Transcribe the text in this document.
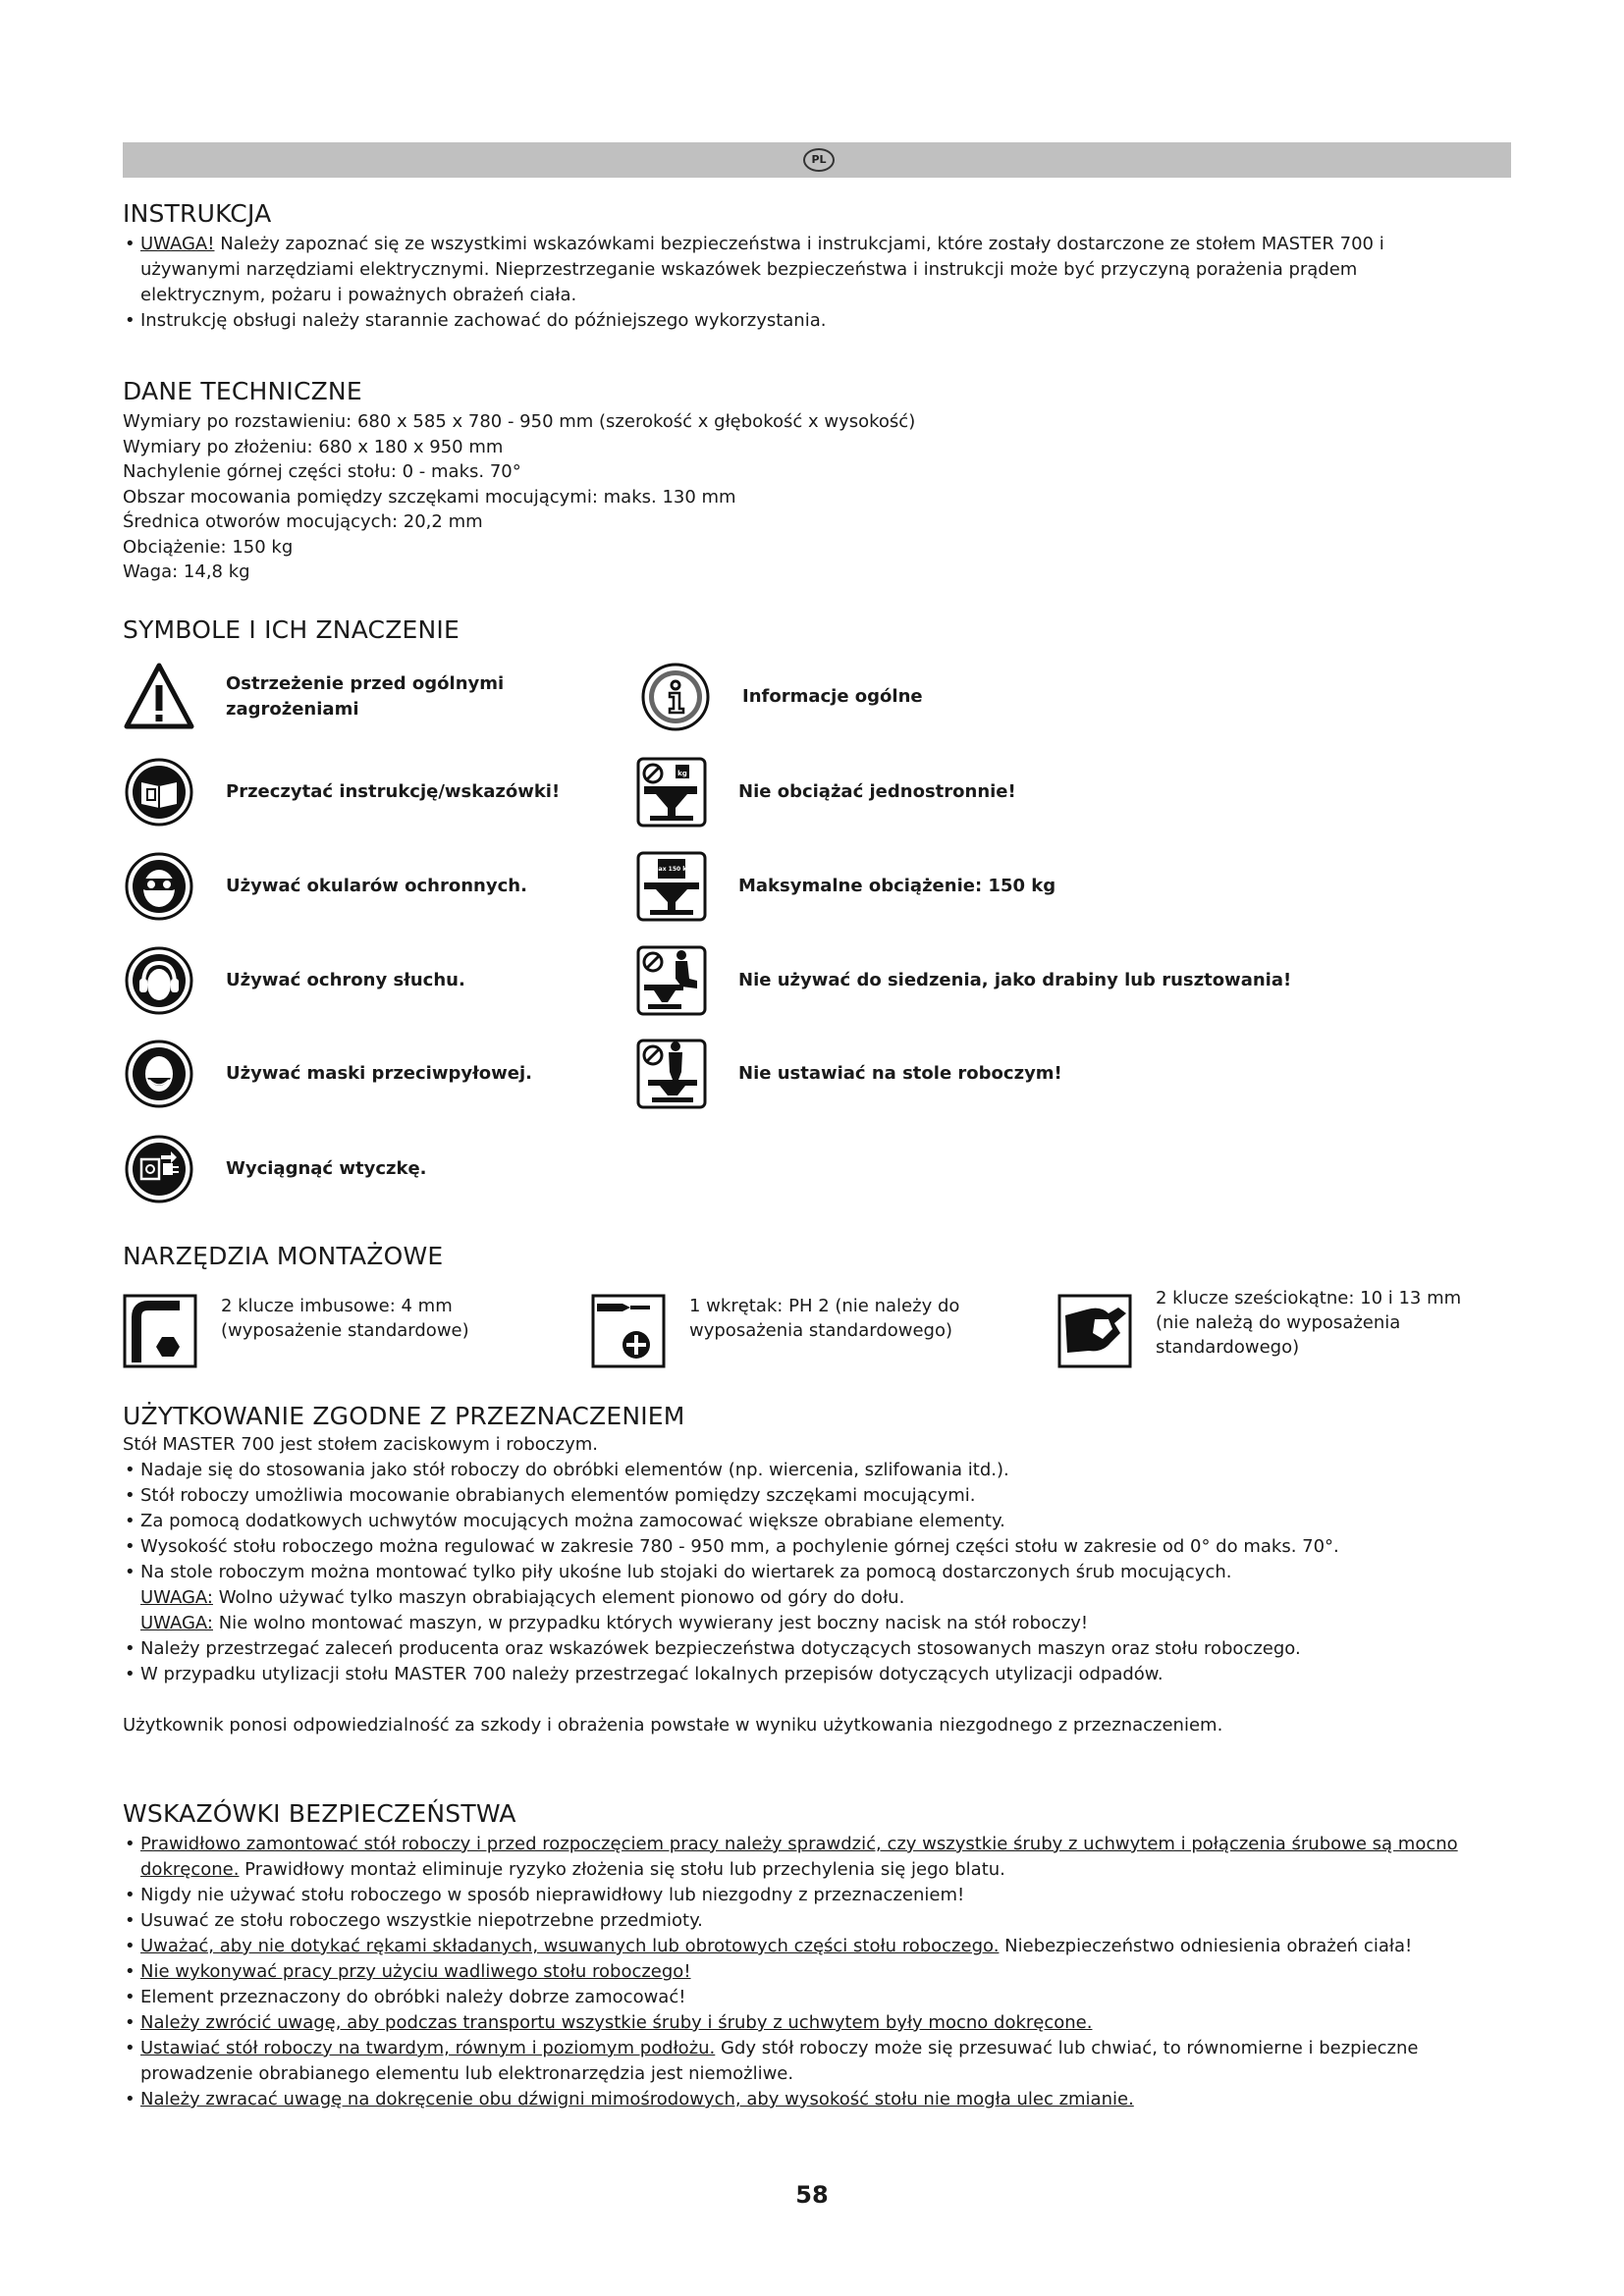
PL
INSTRUKCJA
• UWAGA! Należy zapoznać się ze wszystkimi wskazówkami bezpieczeństwa i instrukcjami, które zostały dostarczone ze stołem MASTER 700 i używanymi narzędziami elektrycznymi. Nieprzestrzeganie wskazówek bezpieczeństwa i instrukcji może być przyczyną porażenia prądem elektrycznym, pożaru i poważnych obrażeń ciała.
• Instrukcję obsługi należy starannie zachować do późniejszego wykorzystania.
DANE TECHNICZNE
Wymiary po rozstawieniu: 680 x 585 x 780 - 950 mm (szerokość x głębokość x wysokość)
Wymiary po złożeniu: 680 x 180 x 950 mm
Nachylenie górnej części stołu: 0 - maks. 70°
Obszar mocowania pomiędzy szczękami mocującymi: maks. 130 mm
Średnica otworów mocujących: 20,2 mm
Obciążenie: 150 kg
Waga: 14,8 kg
SYMBOLE I ICH ZNACZENIE
Ostrzeżenie przed ogólnymi zagrożeniami
Przeczytać instrukcję/wskazówki!
Używać okularów ochronnych.
Używać ochrony słuchu.
Używać maski przeciwpyłowej.
Wyciągnąć wtyczkę.
Informacje ogólne
kg
Nie obciążać jednostronnie!
max 150 kg
Maksymalne obciążenie: 150 kg
Nie używać do siedzenia, jako drabiny lub rusztowania!
Nie ustawiać na stole roboczym!
NARZĘDZIA MONTAŻOWE
2 klucze imbusowe: 4 mm (wyposażenie standardowe)
1 wkrętak: PH 2 (nie należy do wyposażenia standardowego)
2 klucze sześciokątne: 10 i 13 mm (nie należą do wyposażenia standardowego)
UŻYTKOWANIE ZGODNE Z PRZEZNACZENIEM
Stół MASTER 700 jest stołem zaciskowym i roboczym.
• Nadaje się do stosowania jako stół roboczy do obróbki elementów (np. wiercenia, szlifowania itd.).
• Stół roboczy umożliwia mocowanie obrabianych elementów pomiędzy szczękami mocującymi.
• Za pomocą dodatkowych uchwytów mocujących można zamocować większe obrabiane elementy.
• Wysokość stołu roboczego można regulować w zakresie 780 - 950 mm, a pochylenie górnej części stołu w zakresie od 0° do maks. 70°.
• Na stole roboczym można montować tylko piły ukośne lub stojaki do wiertarek za pomocą dostarczonych śrub mocujących.
UWAGA: Wolno używać tylko maszyn obrabiających element pionowo od góry do dołu.
UWAGA: Nie wolno montować maszyn, w przypadku których wywierany jest boczny nacisk na stół roboczy!
• Należy przestrzegać zaleceń producenta oraz wskazówek bezpieczeństwa dotyczących stosowanych maszyn oraz stołu roboczego.
• W przypadku utylizacji stołu MASTER 700 należy przestrzegać lokalnych przepisów dotyczących utylizacji odpadów.
Użytkownik ponosi odpowiedzialność za szkody i obrażenia powstałe w wyniku użytkowania niezgodnego z przeznaczeniem.
WSKAZÓWKI BEZPIECZEŃSTWA
• Prawidłowo zamontować stół roboczy i przed rozpoczęciem pracy należy sprawdzić, czy wszystkie śruby z uchwytem i połączenia śrubowe są mocno dokręcone. Prawidłowy montaż eliminuje ryzyko złożenia się stołu lub przechylenia się jego blatu.
• Nigdy nie używać stołu roboczego w sposób nieprawidłowy lub niezgodny z przeznaczeniem!
• Usuwać ze stołu roboczego wszystkie niepotrzebne przedmioty.
• Uważać, aby nie dotykać rękami składanych, wsuwanych lub obrotowych części stołu roboczego. Niebezpieczeństwo odniesienia obrażeń ciała!
• Nie wykonywać pracy przy użyciu wadliwego stołu roboczego!
• Element przeznaczony do obróbki należy dobrze zamocować!
• Należy zwrócić uwagę, aby podczas transportu wszystkie śruby i śruby z uchwytem były mocno dokręcone.
• Ustawiać stół roboczy na twardym, równym i poziomym podłożu. Gdy stół roboczy może się przesuwać lub chwiać, to równomierne i bezpieczne prowadzenie obrabianego elementu lub elektronarzędzia jest niemożliwe.
• Należy zwracać uwagę na dokręcenie obu dźwigni mimośrodowych, aby wysokość stołu nie mogła ulec zmianie.
58
